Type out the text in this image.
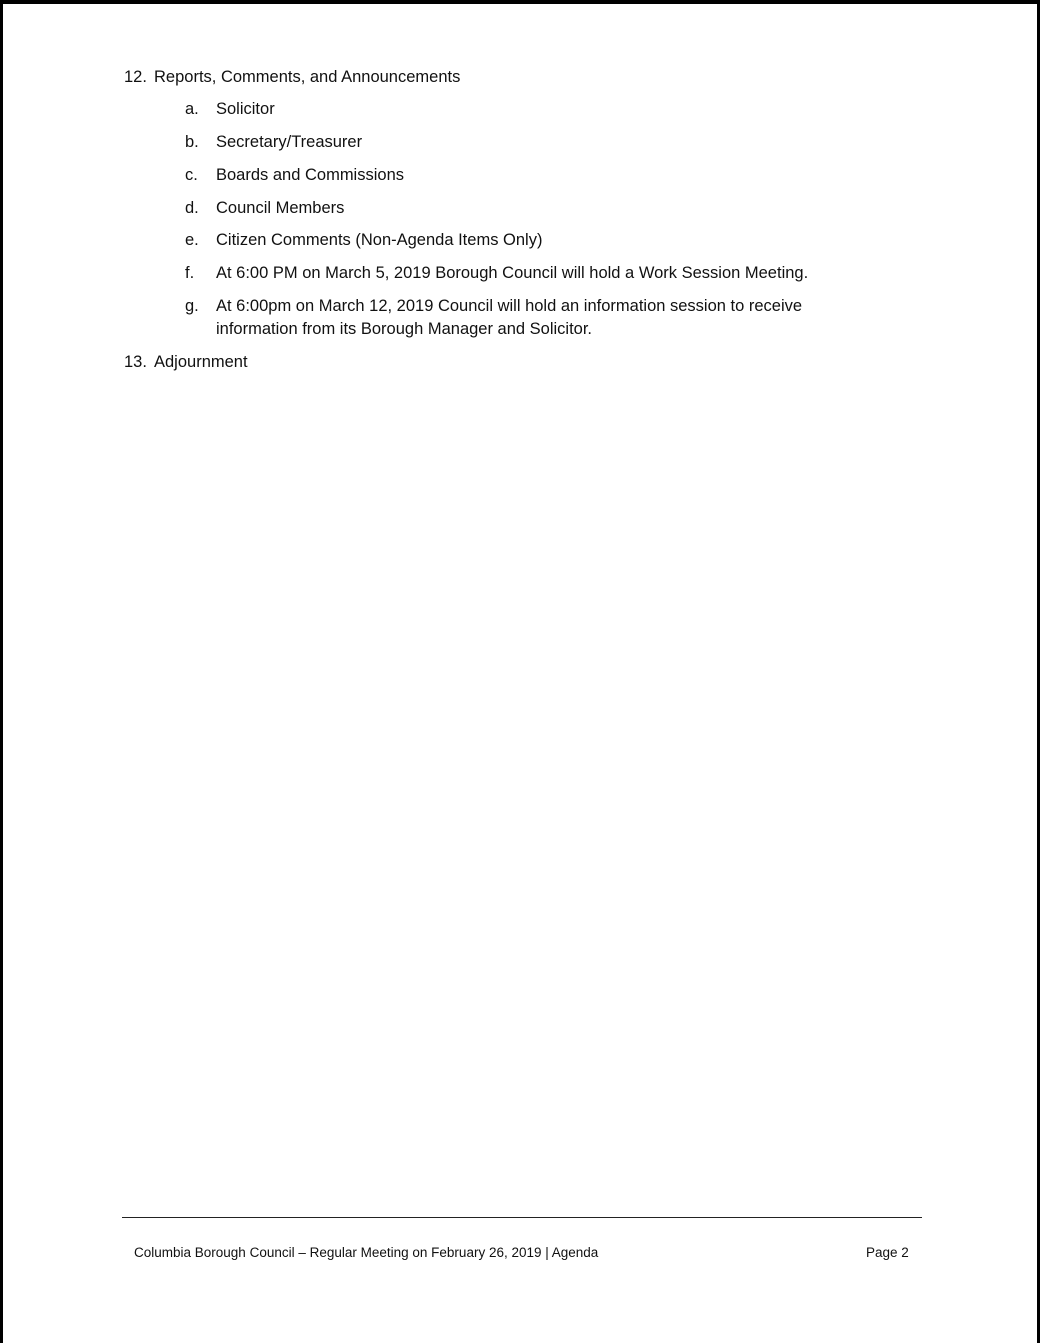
12. Reports, Comments, and Announcements
a.	Solicitor
b.	Secretary/Treasurer
c.	Boards and Commissions
d.	Council Members
e.	Citizen Comments (Non-Agenda Items Only)
f.	At 6:00 PM on March 5, 2019 Borough Council will hold a Work Session Meeting.
g.	At 6:00pm on March 12, 2019 Council will hold an information session to receive information from its Borough Manager and Solicitor.
13. Adjournment
Columbia Borough Council – Regular Meeting on February 26, 2019 | Agenda	Page 2
